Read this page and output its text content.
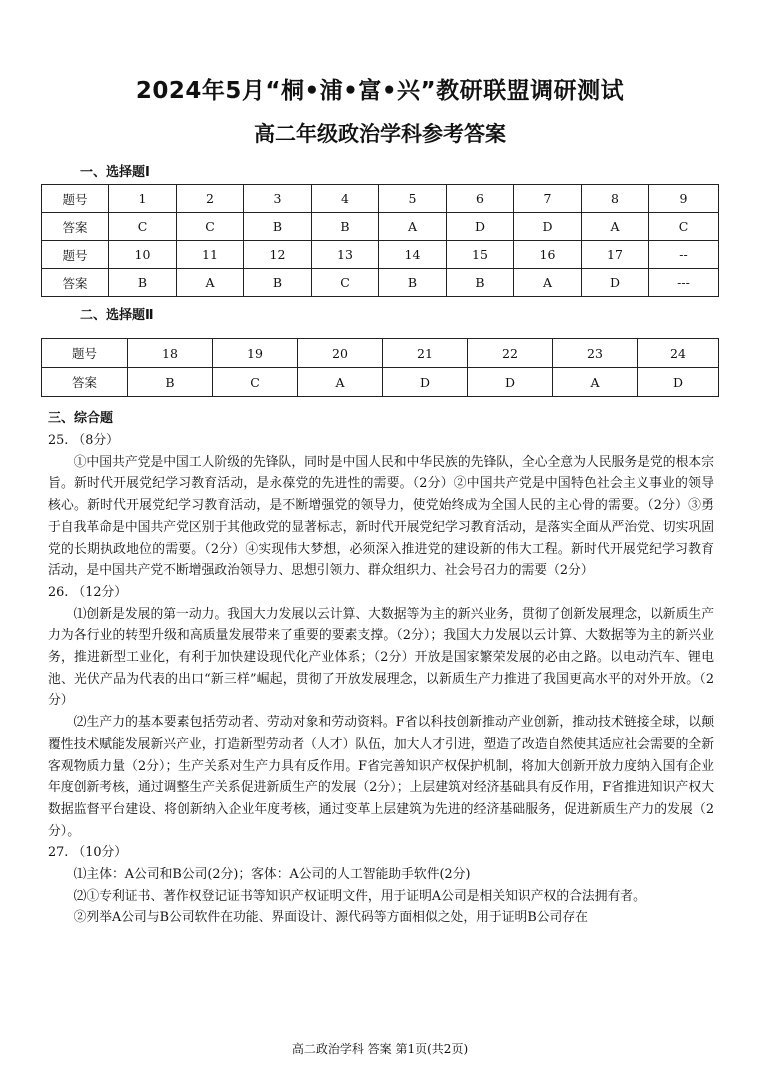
2024年5月“桐•浦•富•兴”教研联盟调研测试
高二年级政治学科参考答案
一、选择题Ⅰ
题号	1	2	3	4	5	6	7	8	9
答案	C	C	B	B	A	D	D	A	C
题号	10	11	12	13	14	15	16	17	--
答案	B	A	B	C	B	B	A	D	---
二、选择题Ⅱ
题号	18	19	20	21	22	23	24
答案	B	C	A	D	D	A	D
三、综合题

25. （8分）

①中国共产党是中国工人阶级的先锋队，同时是中国人民和中华民族的先锋队，全心全意为人民服务是党的根本宗旨。新时代开展党纪学习教育活动，是永葆党的先进性的需要。（2分）②中国共产党是中国特色社会主义事业的领导核心。新时代开展党纪学习教育活动，是不断增强党的领导力，使党始终成为全国人民的主心骨的需要。（2分）③勇于自我革命是中国共产党区别于其他政党的显著标志，新时代开展党纪学习教育活动，是落实全面从严治党、切实巩固党的长期执政地位的需要。（2分）④实现伟大梦想，必须深入推进党的建设新的伟大工程。新时代开展党纪学习教育活动，是中国共产党不断增强政治领导力、思想引领力、群众组织力、社会号召力的需要（2分）

26. （12分）

⑴创新是发展的第一动力。我国大力发展以云计算、大数据等为主的新兴业务，贯彻了创新发展理念，以新质生产力为各行业的转型升级和高质量发展带来了重要的要素支撑。（2分）；我国大力发展以云计算、大数据等为主的新兴业务，推进新型工业化，有利于加快建设现代化产业体系；（2分）开放是国家繁荣发展的必由之路。以电动汽车、锂电池、光伏产品为代表的出口“新三样”崛起，贯彻了开放发展理念，以新质生产力推进了我国更高水平的对外开放。（2分）

⑵生产力的基本要素包括劳动者、劳动对象和劳动资料。F省以科技创新推动产业创新，推动技术链接全球，以颠覆性技术赋能发展新兴产业，打造新型劳动者（人才）队伍，加大人才引进，塑造了改造自然使其适应社会需要的全新客观物质力量（2分）；生产关系对生产力具有反作用。F省完善知识产权保护机制，将加大创新开放力度纳入国有企业年度创新考核，通过调整生产关系促进新质生产的发展（2分）；上层建筑对经济基础具有反作用，F省推进知识产权大数据监督平台建设、将创新纳入企业年度考核，通过变革上层建筑为先进的经济基础服务，促进新质生产力的发展（2分）。

27. （10分）

⑴主体：A公司和B公司(2分)；客体：A公司的人工智能助手软件(2分)

⑵①专利证书、著作权登记证书等知识产权证明文件，用于证明A公司是相关知识产权的合法拥有者。

②列举A公司与B公司软件在功能、界面设计、源代码等方面相似之处，用于证明B公司存在

高二政治学科 答案 第1页(共2页)
